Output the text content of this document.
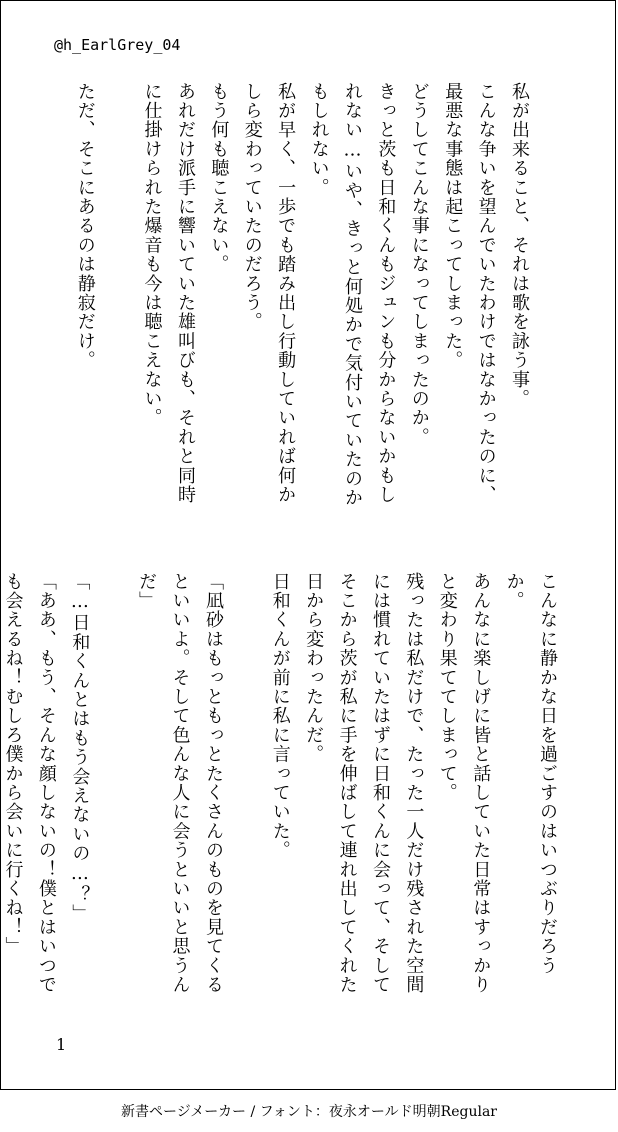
@h_EarlGrey_04
私が出来ること、それは歌を詠う事。
こんな争いを望んでいたわけではなかったのに、
最悪な事態は起こってしまった。
どうしてこんな事になってしまったのか。
きっと茨も日和くんもジュンも分からないかもし
れない…いや、きっと何処かで気付いていたのか
もしれない。
私が早く、一歩でも踏み出し行動していれば何か
しら変わっていたのだろう。
もう何も聴こえない。
あれだけ派手に響いていた雄叫びも、それと同時
に仕掛けられた爆音も今は聴こえない。
ただ、そこにあるのは静寂だけ。
こんなに静かな日を過ごすのはいつぶりだろうか。
あんなに楽しげに皆と話していた日常はすっかり
と変わり果ててしまって。
残ったは私だけで、たった一人だけ残された空間
には慣れていたはずに日和くんに会って、そして
そこから茨が私に手を伸ばして連れ出してくれた
日から変わったんだ。
日和くんが前に私に言っていた。
「凪砂はもっともっとたくさんのものを見てくる
といいよ。そして色んな人に会うといいと思うん
だ」
「…日和くんとはもう会えないの…？」
「ああ、もう、そんな顔しないの！僕とはいつで
も会えるね！むしろ僕から会いに行くね！」
1
新書ページメーカー / フォント：夜永オールド明朝Regular
